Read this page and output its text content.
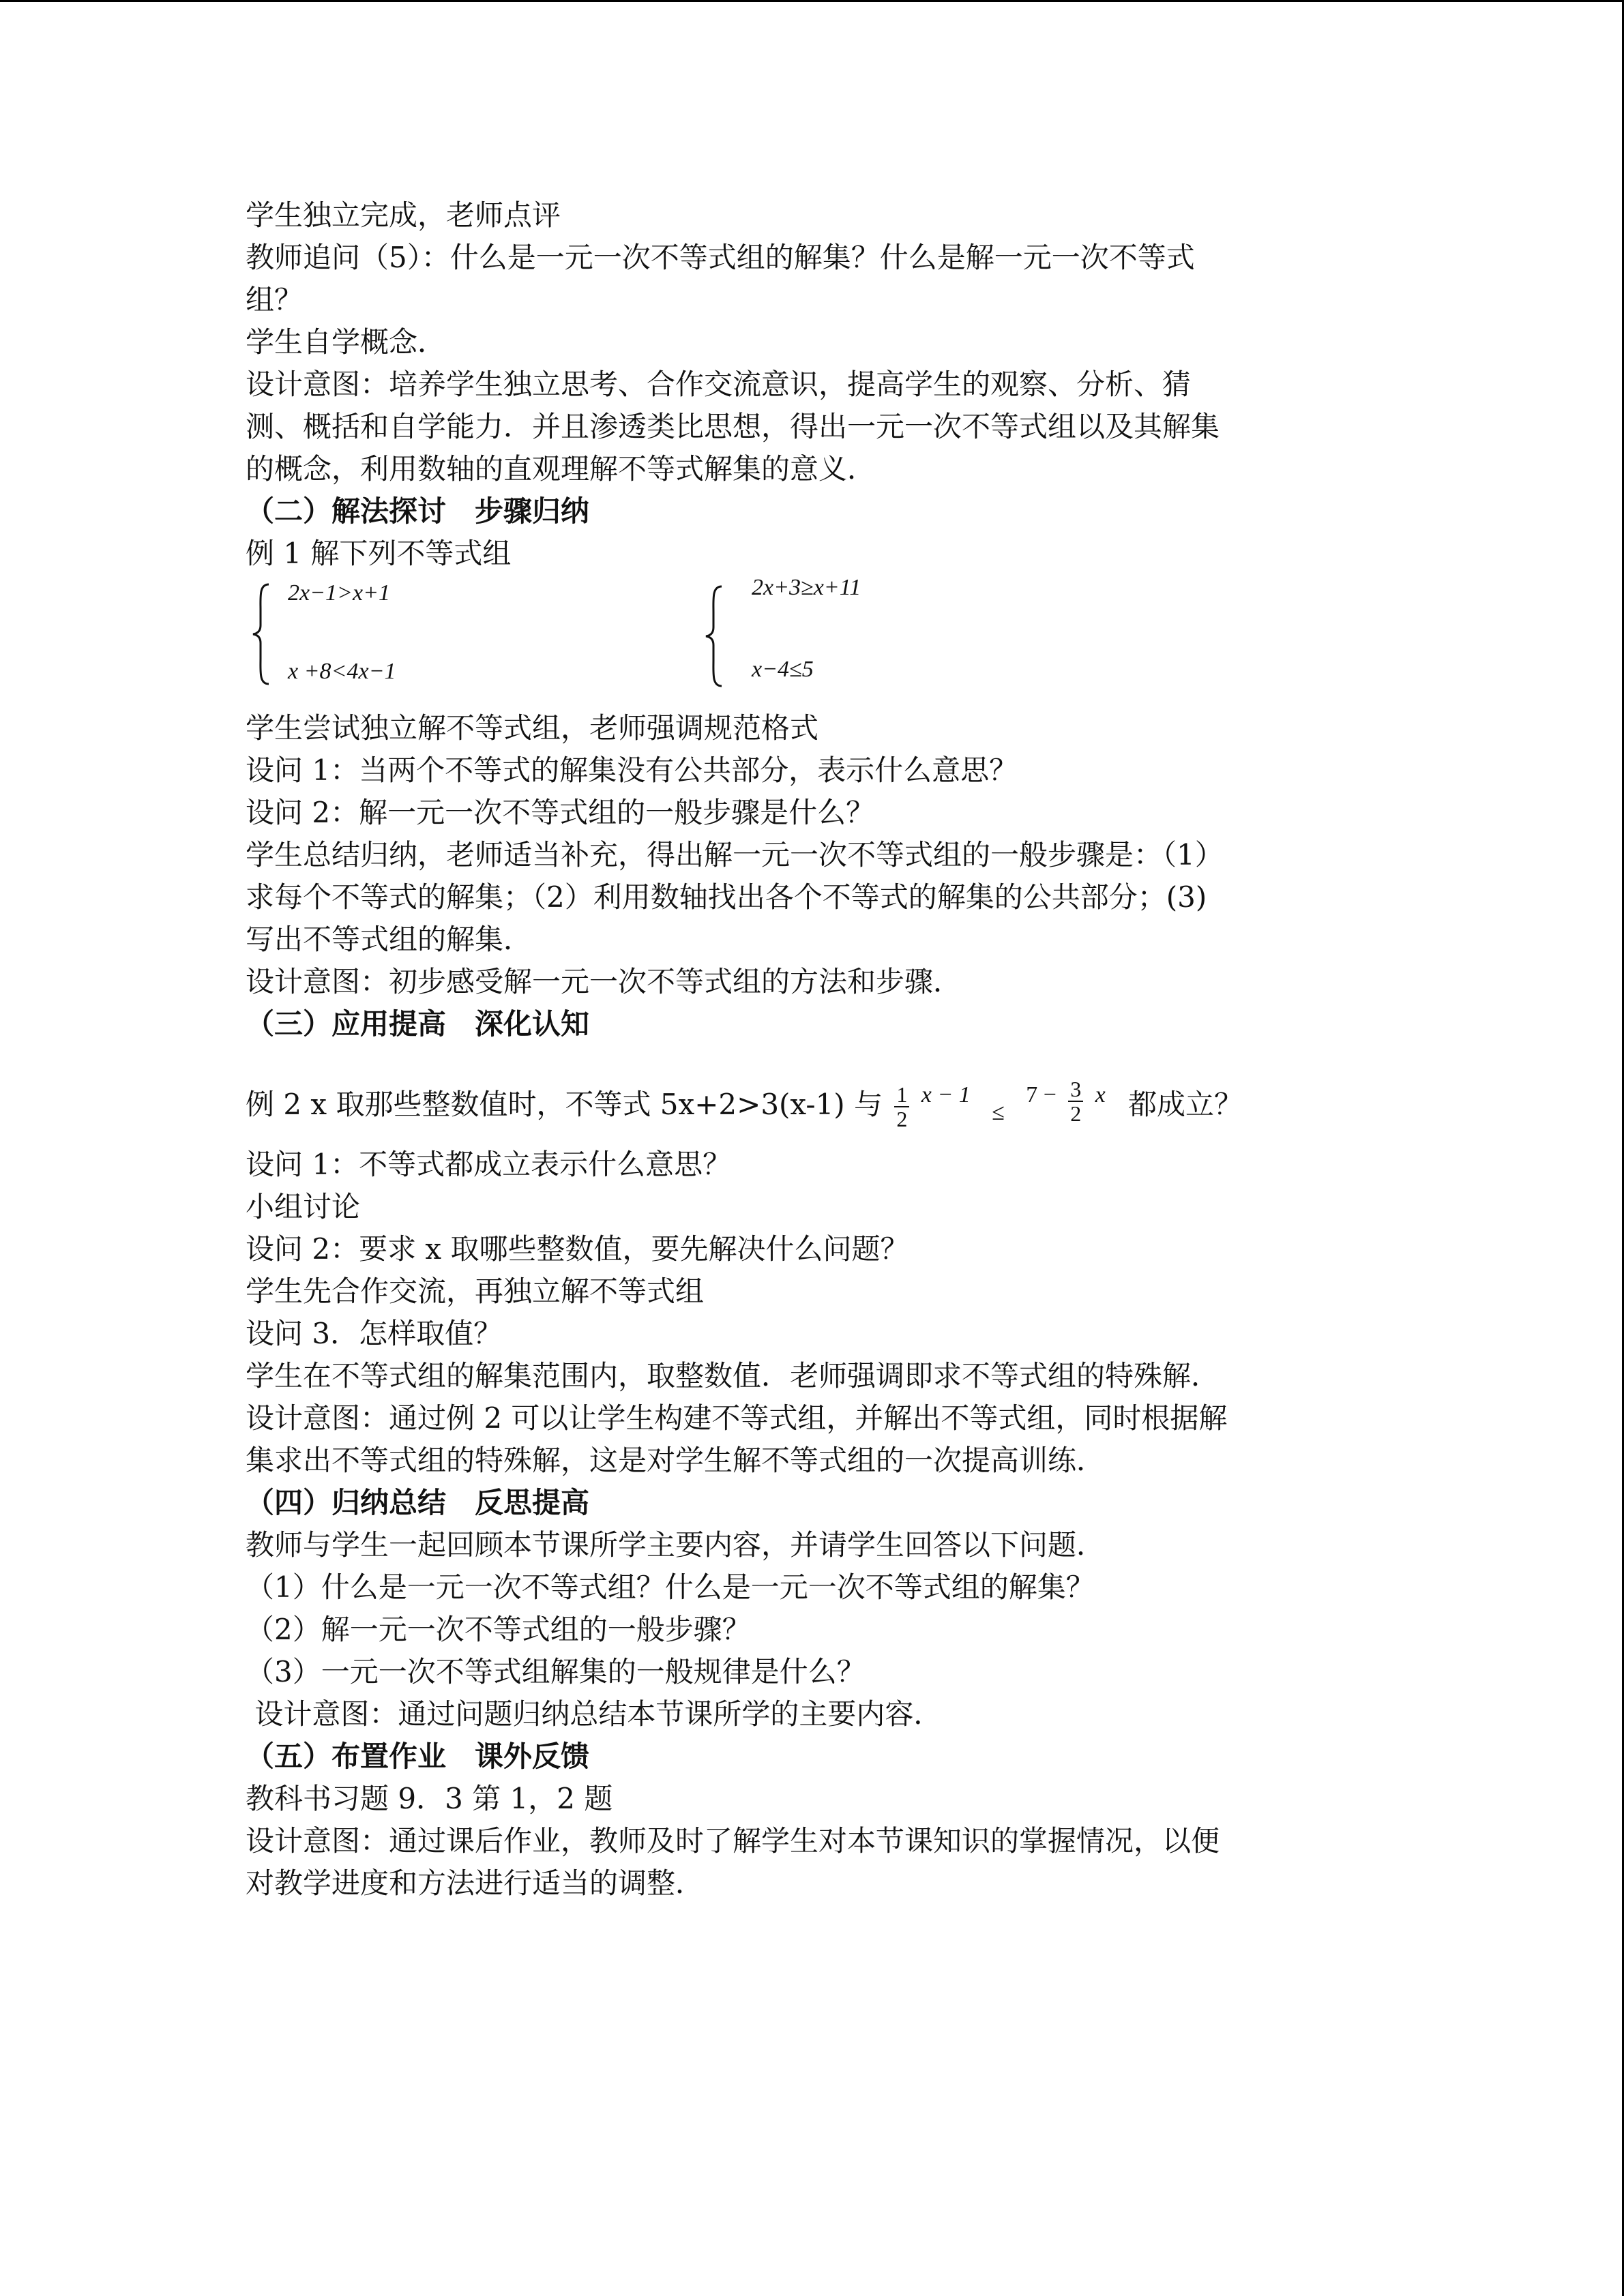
学生独立完成，老师点评
教师追问（5）：什么是一元一次不等式组的解集？什么是解一元一次不等式
组？
学生自学概念．
设计意图：培养学生独立思考、合作交流意识，提高学生的观察、分析、猜
测、概括和自学能力．并且渗透类比思想，得出一元一次不等式组以及其解集
的概念，利用数轴的直观理解不等式解集的意义．
（二）解法探讨　步骤归纳
例 1 解下列不等式组
2x−1>x+1
x +8<4x−1
2x+3≥x+11
x−4≤5
学生尝试独立解不等式组，老师强调规范格式
设问 1：当两个不等式的解集没有公共部分，表示什么意思？
设问 2：解一元一次不等式组的一般步骤是什么？
学生总结归纳，老师适当补充，得出解一元一次不等式组的一般步骤是：（1）
求每个不等式的解集；（2）利用数轴找出各个不等式的解集的公共部分；(3)
写出不等式组的解集．
设计意图：初步感受解一元一次不等式组的方法和步骤．
（三）应用提高　深化认知
例 2 x 取那些整数值时，不等式 5x+2>3(x-1) 与 $\frac{1}{2} ^{x - 1} \le ^{7 -} \frac{3}{2} ^x$ 都成立？
设问 1：不等式都成立表示什么意思？
小组讨论
设问 2：要求 x 取哪些整数值，要先解决什么问题？
学生先合作交流，再独立解不等式组
设问 3．怎样取值？
学生在不等式组的解集范围内，取整数值．老师强调即求不等式组的特殊解．
设计意图：通过例 2 可以让学生构建不等式组，并解出不等式组，同时根据解
集求出不等式组的特殊解，这是对学生解不等式组的一次提高训练．
（四）归纳总结　反思提高
教师与学生一起回顾本节课所学主要内容，并请学生回答以下问题．
（1）什么是一元一次不等式组？什么是一元一次不等式组的解集？
（2）解一元一次不等式组的一般步骤？
（3）一元一次不等式组解集的一般规律是什么？
设计意图：通过问题归纳总结本节课所学的主要内容．
（五）布置作业　课外反馈
教科书习题 9．3 第 1，2 题
设计意图：通过课后作业，教师及时了解学生对本节课知识的掌握情况，以便
对教学进度和方法进行适当的调整．
